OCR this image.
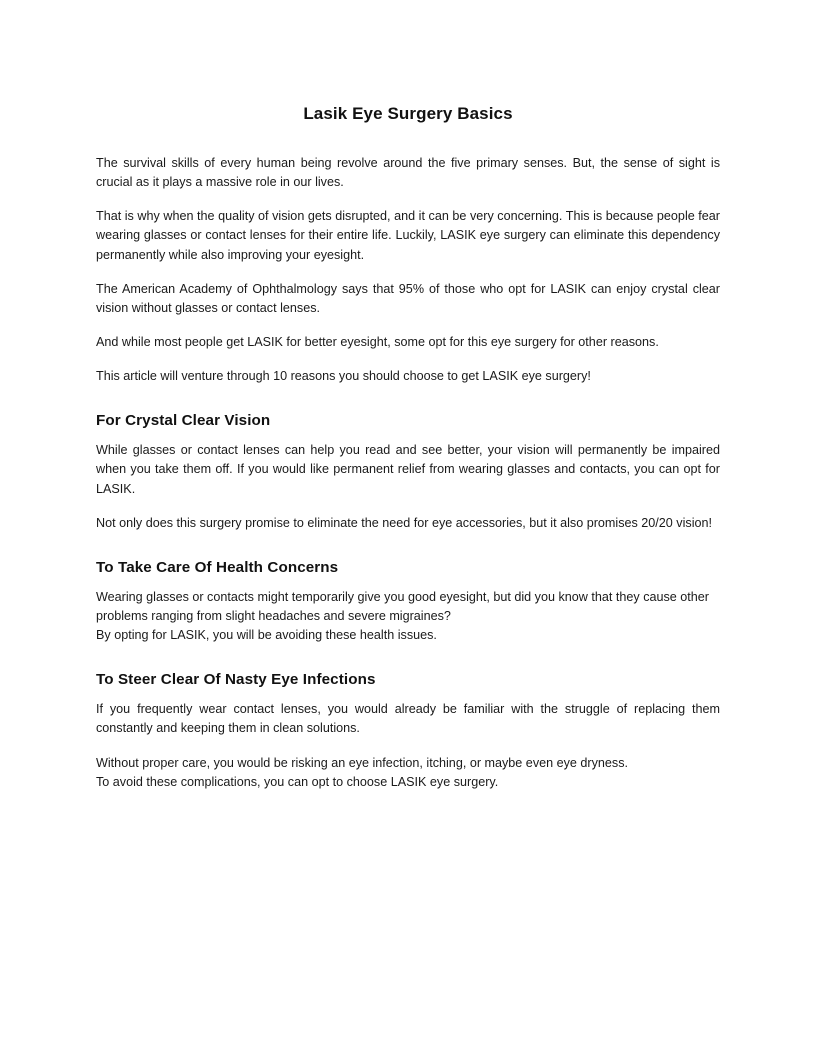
Lasik Eye Surgery Basics

The survival skills of every human being revolve around the five primary senses. But, the sense of sight is crucial as it plays a massive role in our lives.

That is why when the quality of vision gets disrupted, and it can be very concerning. This is because people fear wearing glasses or contact lenses for their entire life. Luckily, LASIK eye surgery can eliminate this dependency permanently while also improving your eyesight.

The American Academy of Ophthalmology says that 95% of those who opt for LASIK can enjoy crystal clear vision without glasses or contact lenses.

And while most people get LASIK for better eyesight, some opt for this eye surgery for other reasons.

This article will venture through 10 reasons you should choose to get LASIK eye surgery!

For Crystal Clear Vision

While glasses or contact lenses can help you read and see better, your vision will permanently be impaired when you take them off. If you would like permanent relief from wearing glasses and contacts, you can opt for LASIK.

Not only does this surgery promise to eliminate the need for eye accessories, but it also promises 20/20 vision!

To Take Care Of Health Concerns

Wearing glasses or contacts might temporarily give you good eyesight, but did you know that they cause other problems ranging from slight headaches and severe migraines?

By opting for LASIK, you will be avoiding these health issues.

To Steer Clear Of Nasty Eye Infections

If you frequently wear contact lenses, you would already be familiar with the struggle of replacing them constantly and keeping them in clean solutions.

Without proper care, you would be risking an eye infection, itching, or maybe even eye dryness.

To avoid these complications, you can opt to choose LASIK eye surgery.
